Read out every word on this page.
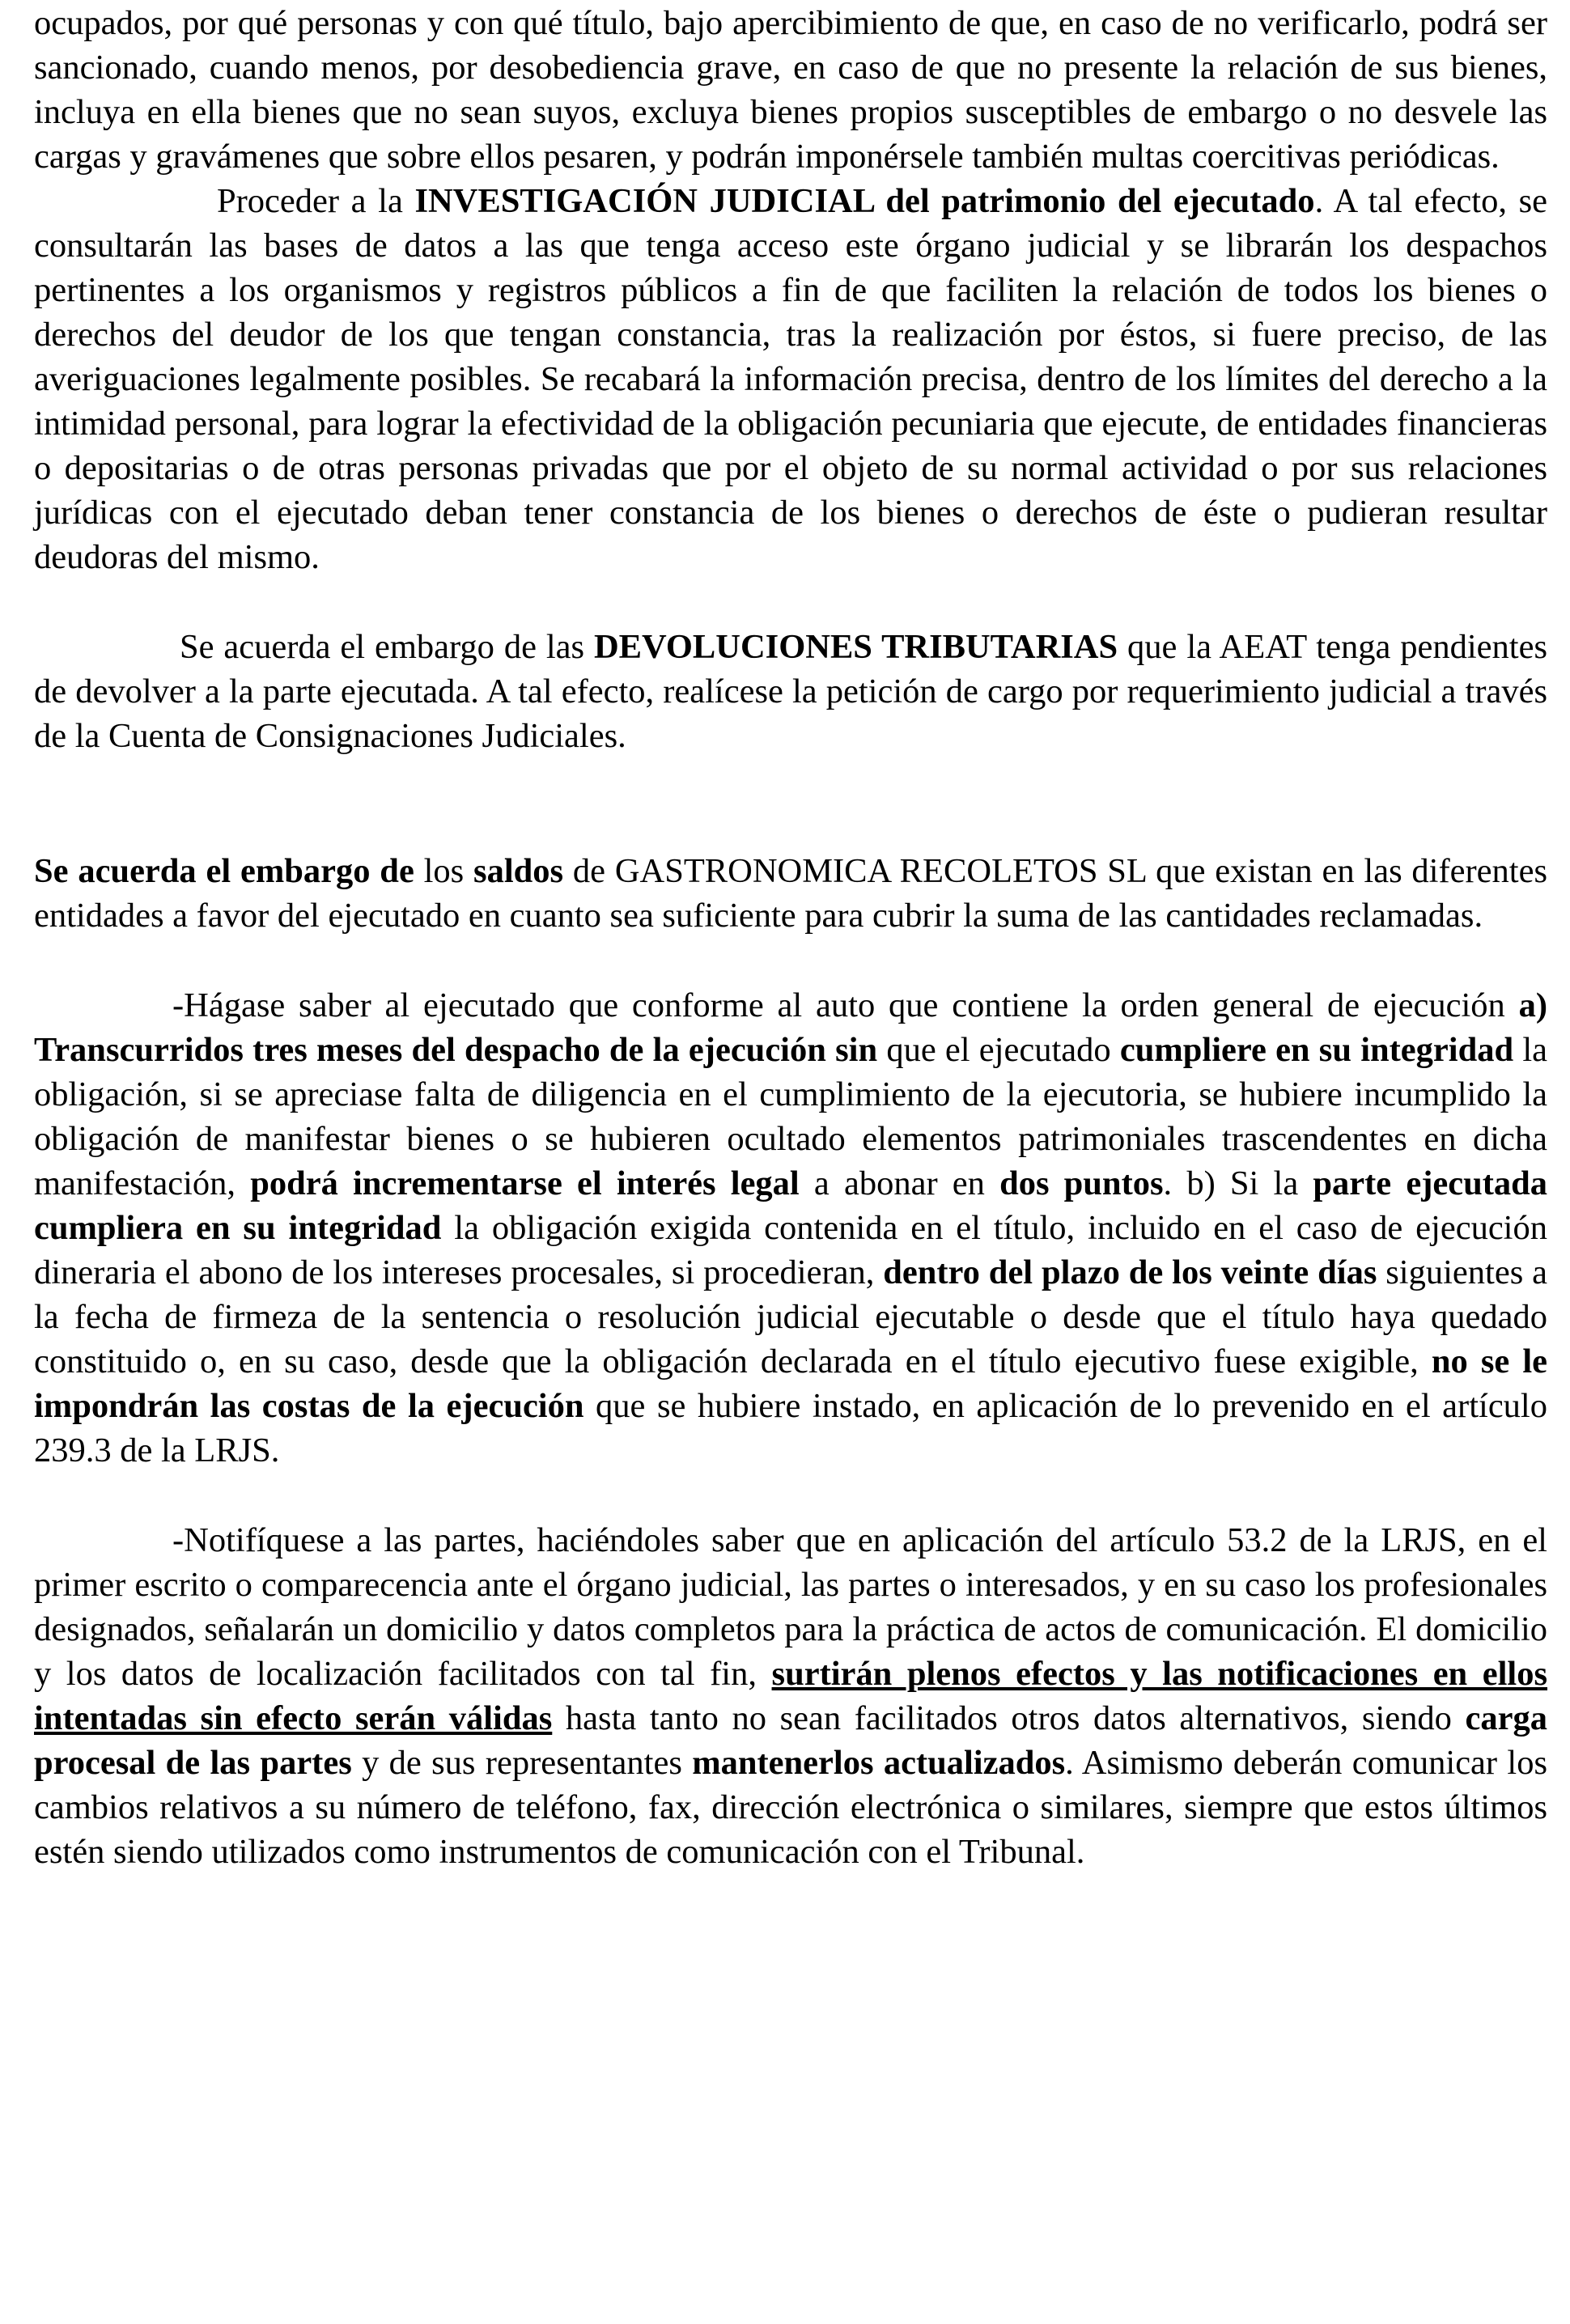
ocupados, por qué personas y con qué título, bajo apercibimiento de que, en caso de no verificarlo, podrá ser sancionado, cuando menos, por desobediencia grave, en caso de que no presente la relación de sus bienes, incluya en ella bienes que no sean suyos, excluya bienes propios susceptibles de embargo o no desvele las cargas y gravámenes que sobre ellos pesaren, y podrán imponérsele también multas coercitivas periódicas.

Proceder a la INVESTIGACIÓN JUDICIAL del patrimonio del ejecutado. A tal efecto, se consultarán las bases de datos a las que tenga acceso este órgano judicial y se librarán los despachos pertinentes a los organismos y registros públicos a fin de que faciliten la relación de todos los bienes o derechos del deudor de los que tengan constancia, tras la realización por éstos, si fuere preciso, de las averiguaciones legalmente posibles. Se recabará la información precisa, dentro de los límites del derecho a la intimidad personal, para lograr la efectividad de la obligación pecuniaria que ejecute, de entidades financieras o depositarias o de otras personas privadas que por el objeto de su normal actividad o por sus relaciones jurídicas con el ejecutado deban tener constancia de los bienes o derechos de éste o pudieran resultar deudoras del mismo.

Se acuerda el embargo de las DEVOLUCIONES TRIBUTARIAS que la AEAT tenga pendientes de devolver a la parte ejecutada. A tal efecto, realícese la petición de cargo por requerimiento judicial a través de la Cuenta de Consignaciones Judiciales.

Se acuerda el embargo de los saldos de GASTRONOMICA RECOLETOS SL que existan en las diferentes entidades a favor del ejecutado en cuanto sea suficiente para cubrir la suma de las cantidades reclamadas.

-Hágase saber al ejecutado que conforme al auto que contiene la orden general de ejecución a) Transcurridos tres meses del despacho de la ejecución sin que el ejecutado cumpliere en su integridad la obligación, si se apreciase falta de diligencia en el cumplimiento de la ejecutoria, se hubiere incumplido la obligación de manifestar bienes o se hubieren ocultado elementos patrimoniales trascendentes en dicha manifestación, podrá incrementarse el interés legal a abonar en dos puntos. b) Si la parte ejecutada cumpliera en su integridad la obligación exigida contenida en el título, incluido en el caso de ejecución dineraria el abono de los intereses procesales, si procedieran, dentro del plazo de los veinte días siguientes a la fecha de firmeza de la sentencia o resolución judicial ejecutable o desde que el título haya quedado constituido o, en su caso, desde que la obligación declarada en el título ejecutivo fuese exigible, no se le impondrán las costas de la ejecución que se hubiere instado, en aplicación de lo prevenido en el artículo 239.3 de la LRJS.

-Notifíquese a las partes, haciéndoles saber que en aplicación del artículo 53.2 de la LRJS, en el primer escrito o comparecencia ante el órgano judicial, las partes o interesados, y en su caso los profesionales designados, señalarán un domicilio y datos completos para la práctica de actos de comunicación. El domicilio y los datos de localización facilitados con tal fin, surtirán plenos efectos y las notificaciones en ellos intentadas sin efecto serán válidas hasta tanto no sean facilitados otros datos alternativos, siendo carga procesal de las partes y de sus representantes mantenerlos actualizados. Asimismo deberán comunicar los cambios relativos a su número de teléfono, fax, dirección electrónica o similares, siempre que estos últimos estén siendo utilizados como instrumentos de comunicación con el Tribunal.
